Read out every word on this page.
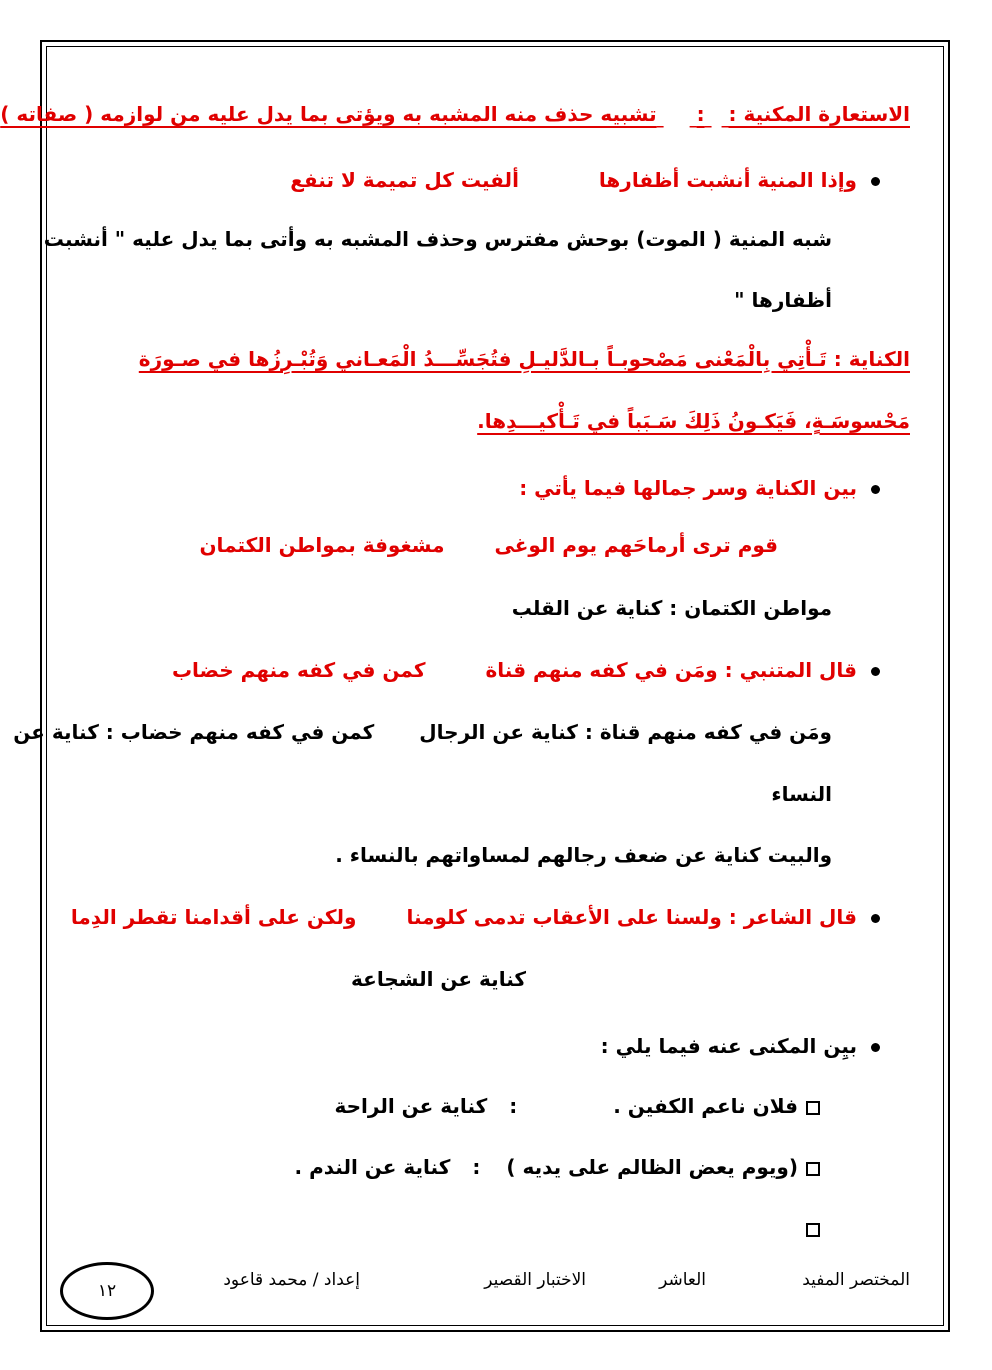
الاستعارة المكنية :  :  تشبيه حذف منه المشبه به ويؤتى بما يدل عليه من لوازمه ( صفاته )
وإذا المنية أنشبت أظفارهاألفيت كل تميمة لا تنفع
شبه المنية ( الموت) بوحش مفترس وحذف المشبه به وأتى بما يدل عليه " أنشبت
أظفارها "
الكناية : تَـأْتِي بِالْمَعْنى مَصْحوبـاً بـالدَّليـلِ فتُجَسِّـــدُ الْمَعـاني وَتُبْـرِزُها في صـورَة
مَحْسوسَـةٍ، فَيَكـونُ ذَلِكَ سَـبَباً في تَـأْكيـــدِها.
بين الكناية وسر جمالها فيما يأتي :
قوم ترى أرماحَهم يوم الوغىمشغوفة بمواطن الكتمان
مواطن الكتمان : كناية عن القلب
قال المتنبي : ومَن في كفه منهم قناةكمن في كفه منهم خضاب
ومَن في كفه منهم قناة : كناية عن الرجالكمن في كفه منهم خضاب : كناية عن
النساء
والبيت كناية عن ضعف رجالهم لمساواتهم بالنساء .
قال الشاعر : ولسنا على الأعقاب تدمى كلومناولكن على أقدامنا تقطر الدِما
كناية عن الشجاعة
بيِن المكنى عنه فيما يلي :
فلان ناعم الكفين .:كناية عن الراحة
(ويوم يعض الظالم على يديه ):كناية عن الندم .
المختصر المفيد
العاشر
الاختبار القصير
إعداد / محمد قاعود
١٢
